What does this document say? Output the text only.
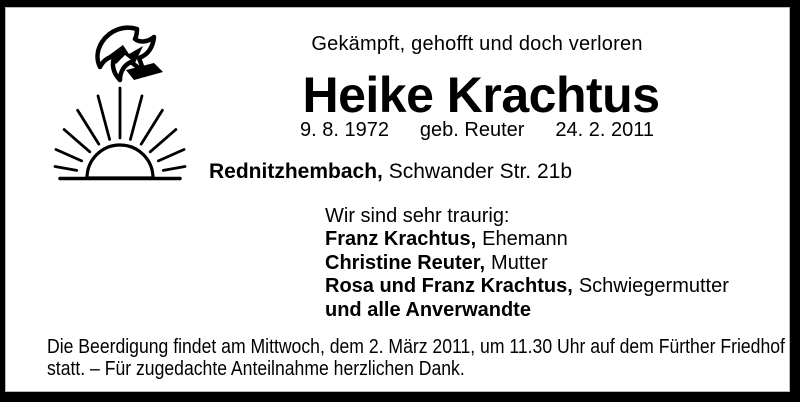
Gekämpft, gehofft und doch verloren
Heike Krachtus
9. 8. 1972 geb. Reuter 24. 2. 2011
Rednitzhembach, Schwander Str. 21b
Wir sind sehr traurig:
Franz Krachtus, Ehemann
Christine Reuter, Mutter
Rosa und Franz Krachtus, Schwiegermutter
und alle Anverwandte
Die Beerdigung findet am Mittwoch, dem 2. März 2011, um 11.30 Uhr auf dem Fürther Friedhof
statt. – Für zugedachte Anteilnahme herzlichen Dank.
